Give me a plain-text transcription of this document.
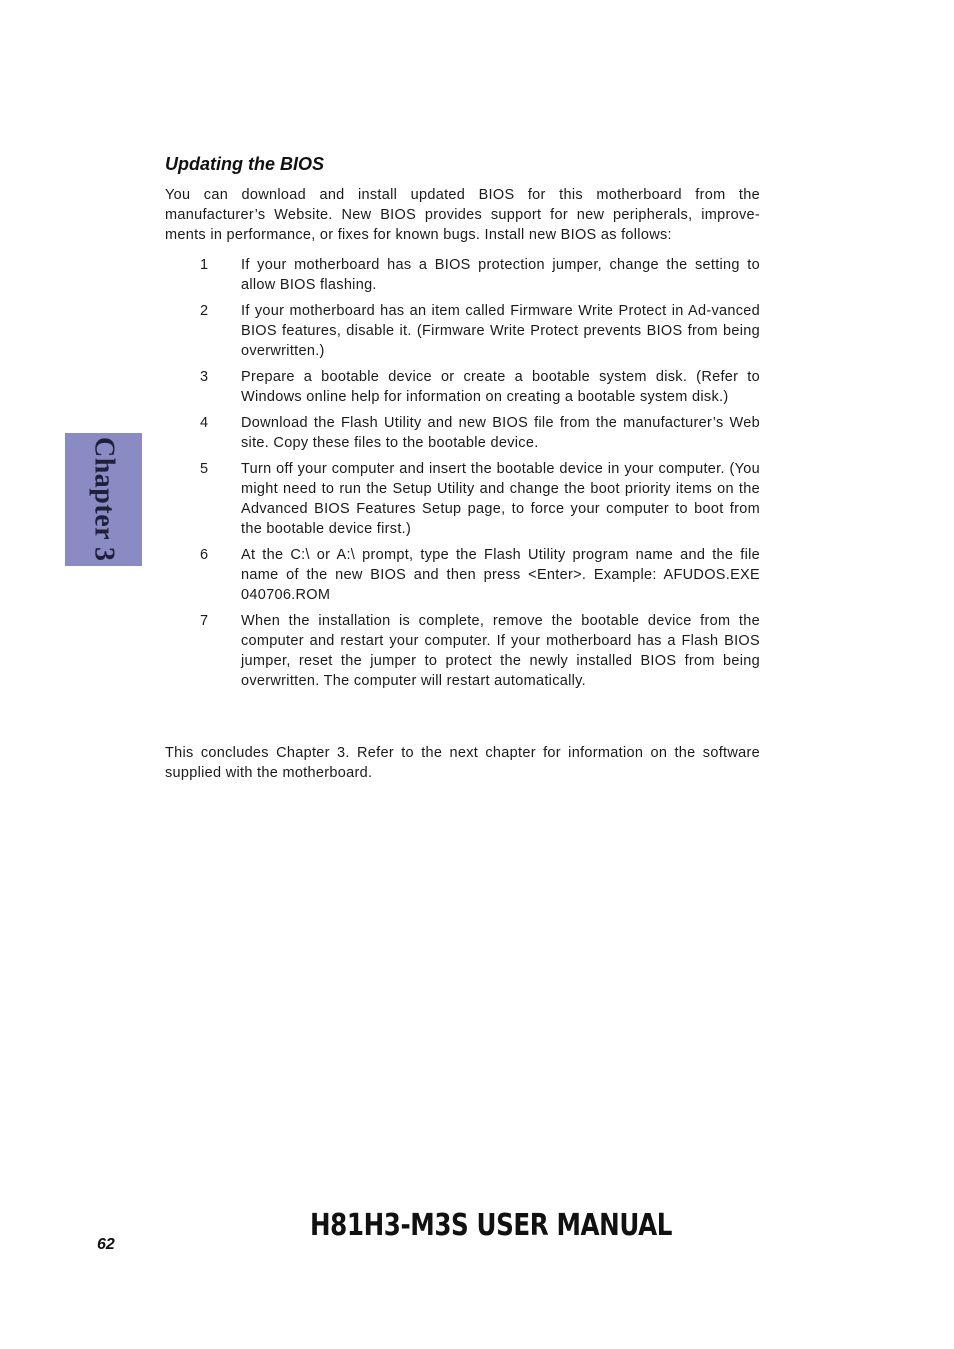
Chapter 3
Updating the BIOS

You can download and install updated BIOS for this motherboard from the manufacturer’s Website. New BIOS provides support for new peripherals, improve-ments in performance, or fixes for known bugs. Install new BIOS as follows:

1 If your motherboard has a BIOS protection jumper, change the setting to allow BIOS flashing.
2 If your motherboard has an item called Firmware Write Protect in Ad-vanced BIOS features, disable it. (Firmware Write Protect prevents BIOS from being overwritten.)
3 Prepare a bootable device or create a bootable system disk. (Refer to Windows online help for information on creating a bootable system disk.)
4 Download the Flash Utility and new BIOS file from the manufacturer’s Web site. Copy these files to the bootable device.
5 Turn off your computer and insert the bootable device in your computer. (You might need to run the Setup Utility and change the boot priority items on the Advanced BIOS Features Setup page, to force your computer to boot from the bootable device first.)
6 At the C:\ or A:\ prompt, type the Flash Utility program name and the file name of the new BIOS and then press <Enter>. Example: AFUDOS.EXE 040706.ROM
7 When the installation is complete, remove the bootable device from the computer and restart your computer. If your motherboard has a Flash BIOS jumper, reset the jumper to protect the newly installed BIOS from being overwritten. The computer will restart automatically.

This concludes Chapter 3. Refer to the next chapter for information on the software supplied with the motherboard.

62
H81H3-M3S USER MANUAL
